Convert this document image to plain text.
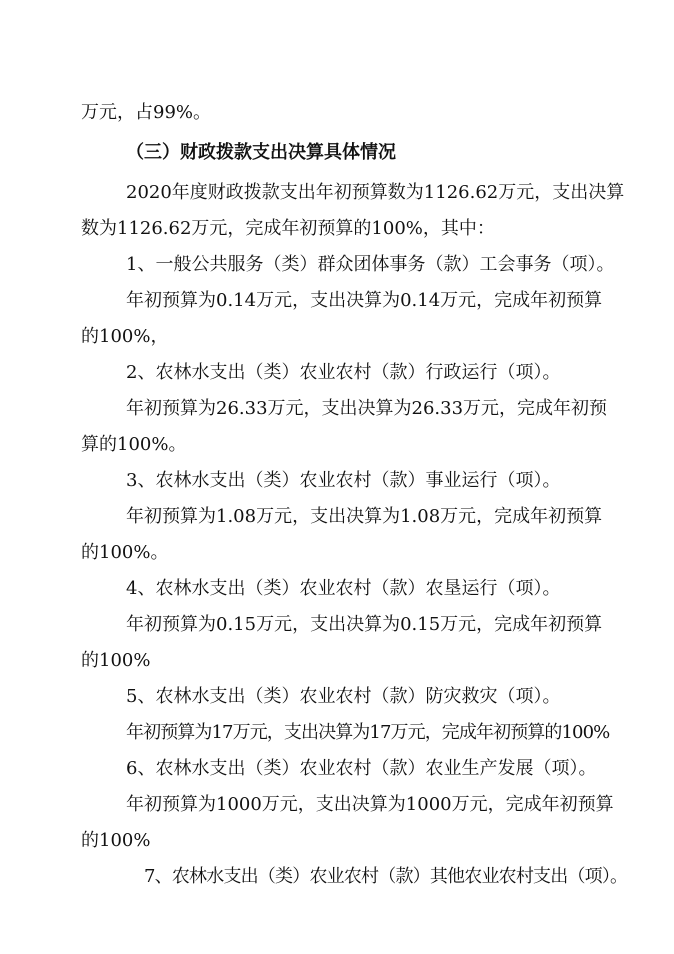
万元，占99%。
（三）财政拨款支出决算具体情况
2020年度财政拨款支出年初预算数为1126.62万元，支出决算
数为1126.62万元，完成年初预算的100%，其中：
1、一般公共服务（类）群众团体事务（款）工会事务（项）。
年初预算为0.14万元，支出决算为0.14万元，完成年初预算
的100%，
2、农林水支出（类）农业农村（款）行政运行（项）。
年初预算为26.33万元，支出决算为26.33万元，完成年初预
算的100%。
3、农林水支出（类）农业农村（款）事业运行（项）。
年初预算为1.08万元，支出决算为1.08万元，完成年初预算
的100%。
4、农林水支出（类）农业农村（款）农垦运行（项）。
年初预算为0.15万元，支出决算为0.15万元，完成年初预算
的100%
5、农林水支出（类）农业农村（款）防灾救灾（项）。
年初预算为17万元，支出决算为17万元，完成年初预算的100%
6、农林水支出（类）农业农村（款）农业生产发展（项）。
年初预算为1000万元，支出决算为1000万元，完成年初预算
的100%
7、农林水支出（类）农业农村（款）其他农业农村支出（项）。
